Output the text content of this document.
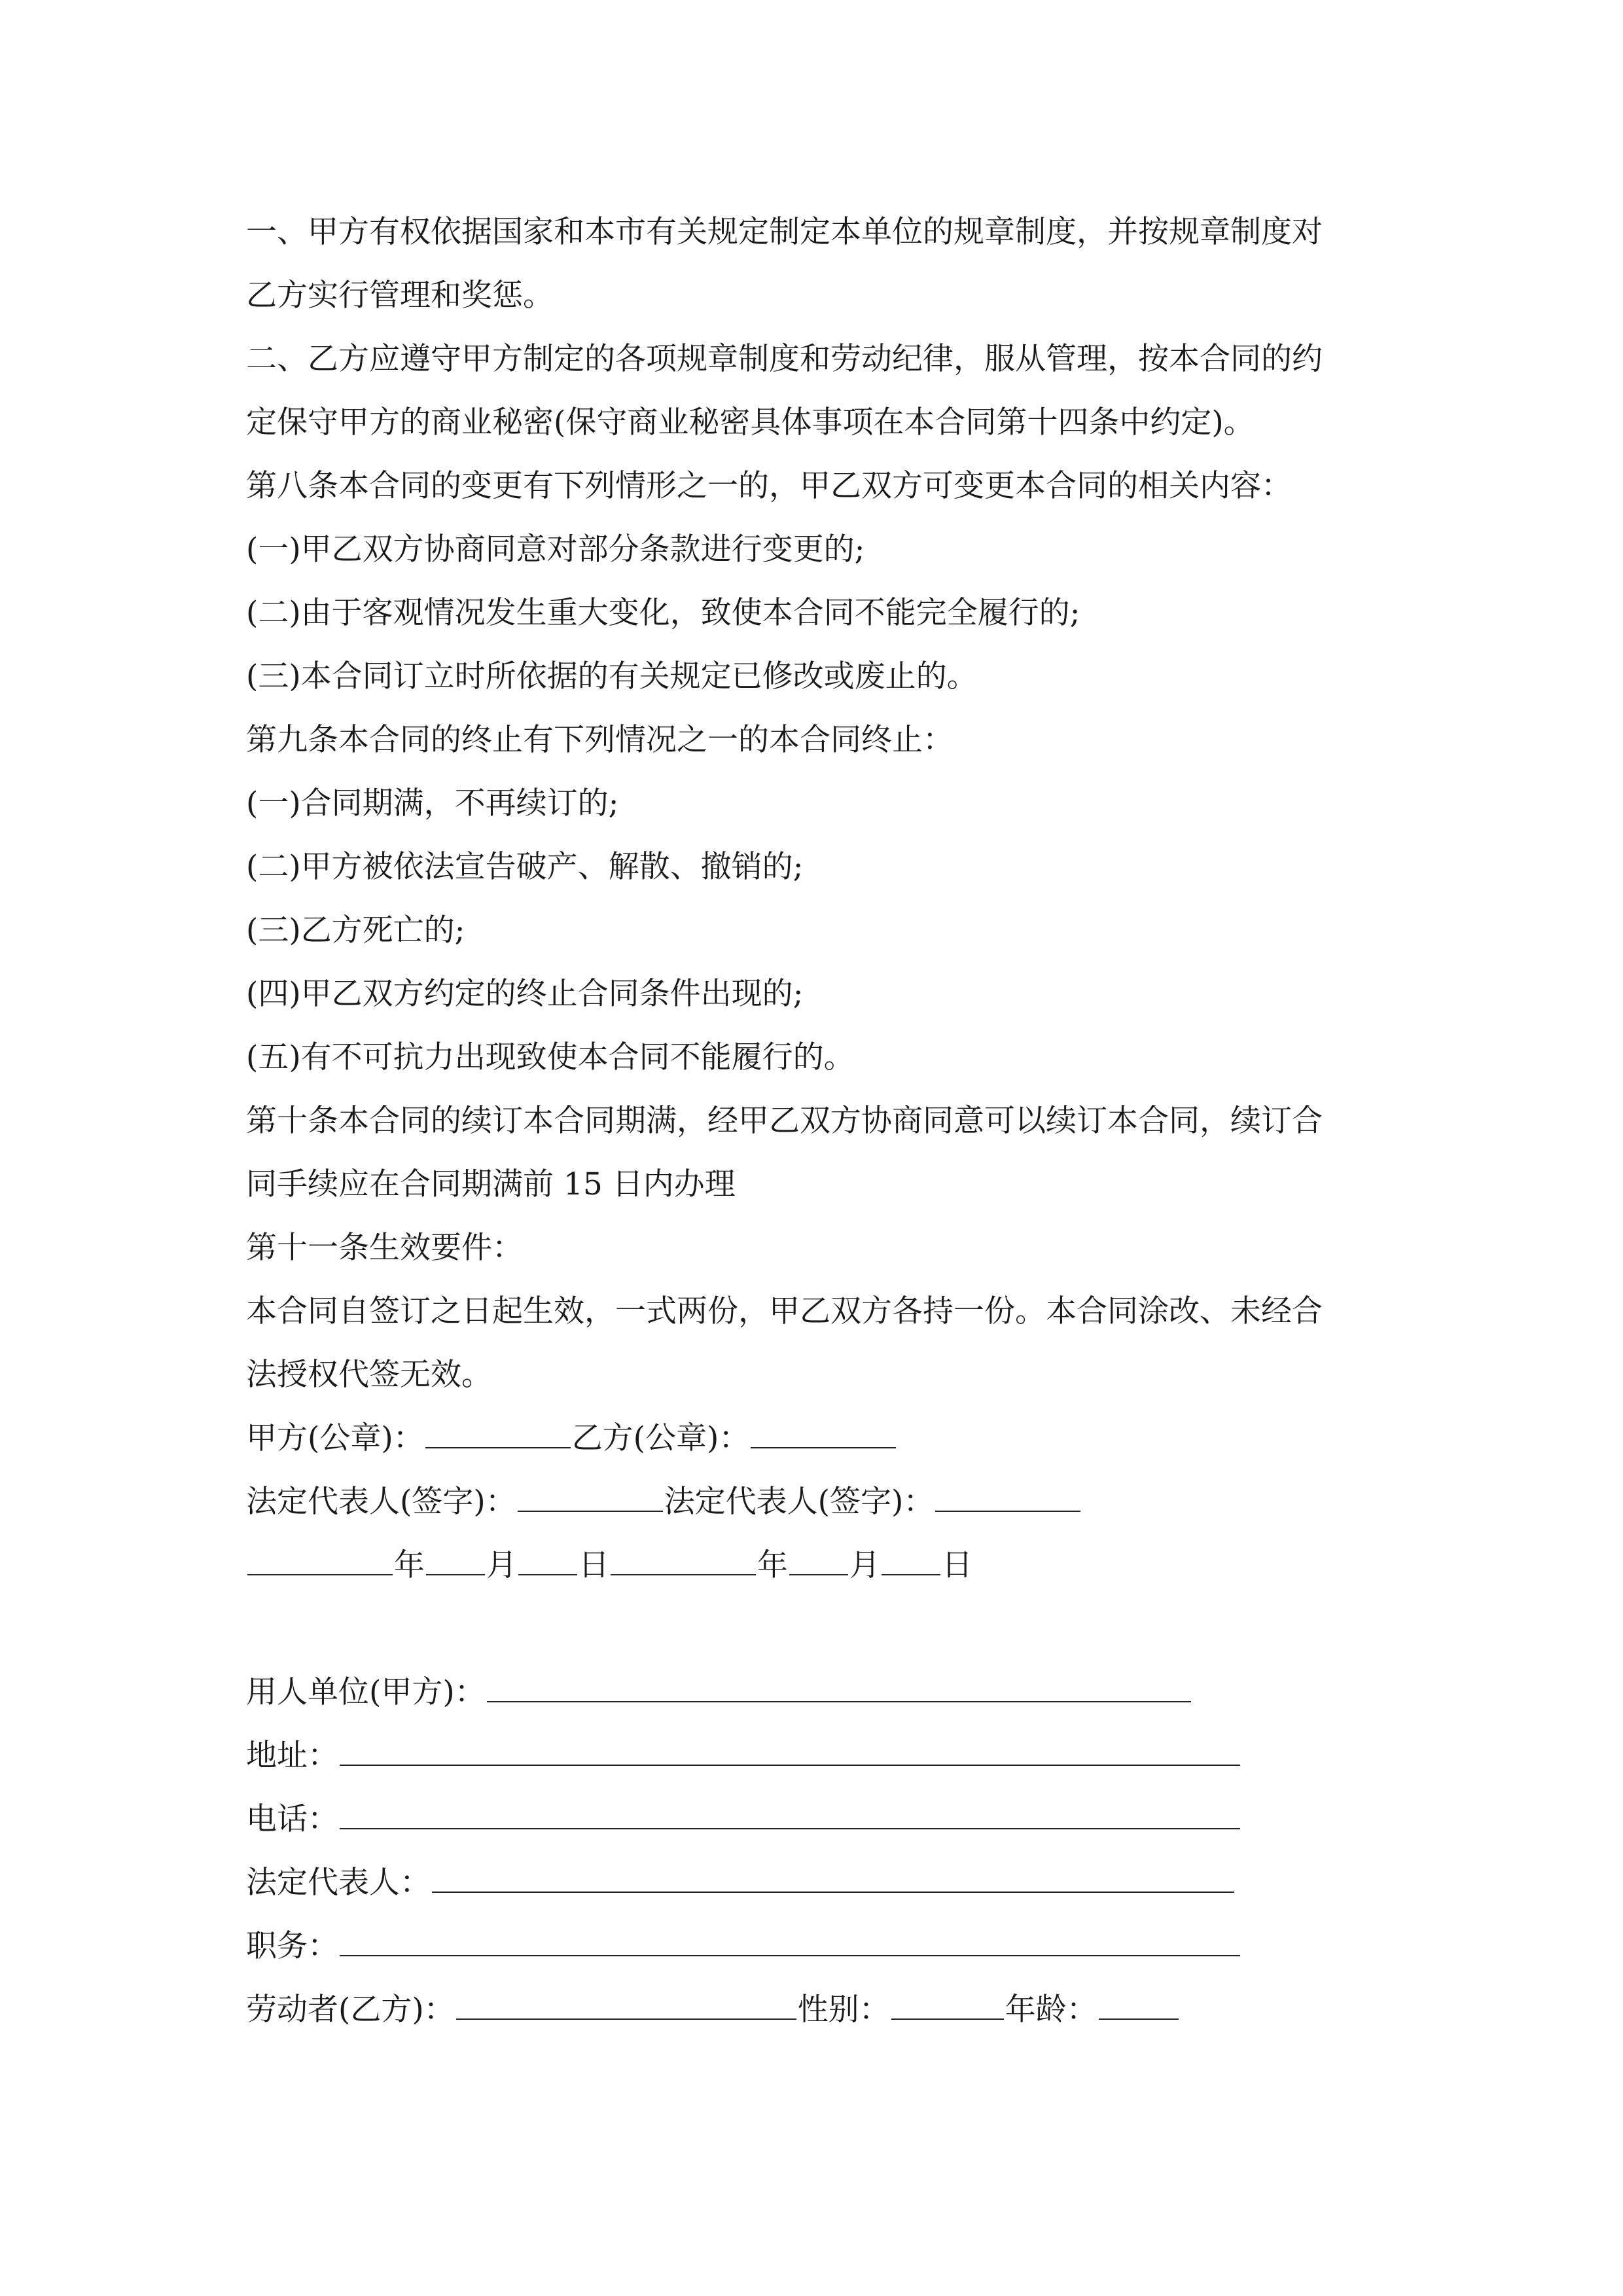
一、甲方有权依据国家和本市有关规定制定本单位的规章制度，并按规章制度对
乙方实行管理和奖惩。
二、乙方应遵守甲方制定的各项规章制度和劳动纪律，服从管理，按本合同的约
定保守甲方的商业秘密(保守商业秘密具体事项在本合同第十四条中约定)。
第八条本合同的变更有下列情形之一的，甲乙双方可变更本合同的相关内容：
(一)甲乙双方协商同意对部分条款进行变更的;
(二)由于客观情况发生重大变化，致使本合同不能完全履行的;
(三)本合同订立时所依据的有关规定已修改或废止的。
第九条本合同的终止有下列情况之一的本合同终止：
(一)合同期满，不再续订的;
(二)甲方被依法宣告破产、解散、撤销的;
(三)乙方死亡的;
(四)甲乙双方约定的终止合同条件出现的;
(五)有不可抗力出现致使本合同不能履行的。
第十条本合同的续订本合同期满，经甲乙双方协商同意可以续订本合同，续订合
同手续应在合同期满前 15 日内办理
第十一条生效要件：
本合同自签订之日起生效，一式两份，甲乙双方各持一份。本合同涂改、未经合
法授权代签无效。
甲方(公章)：	乙方(公章)：
法定代表人(签字)：	法定代表人(签字)：
年 月 日	年 月 日
用人单位(甲方)：
地址：
电话：
法定代表人：
职务：
劳动者(乙方)：	性别：	年龄：
